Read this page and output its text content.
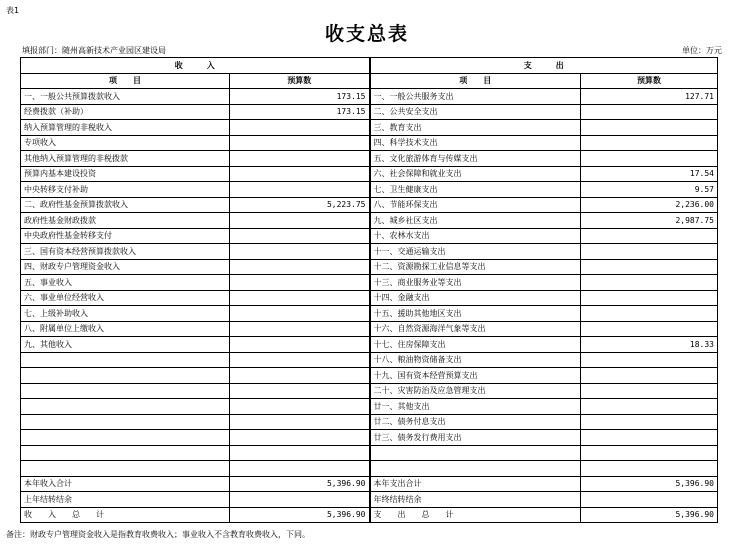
表1
收支总表
填报部门：随州高新技术产业园区建设局	单位：万元
收　　　入		支　　　出	
项　　目	预算数	项　　目	预算数
一、一般公共预算拨款收入	173.15	一、一般公共服务支出	127.71
经费拨款（补助）	173.15	二、公共安全支出	
纳入预算管理的非税收入		三、教育支出	
专项收入		四、科学技术支出	
其他纳入预算管理的非税拨款		五、文化旅游体育与传媒支出	
预算内基本建设投资		六、社会保障和就业支出	17.54
中央转移支付补助		七、卫生健康支出	9.57
二、政府性基金预算拨款收入	5,223.75	八、节能环保支出	2,236.00
政府性基金财政拨款		九、城乡社区支出	2,987.75
中央政府性基金转移支付		十、农林水支出	
三、国有资本经营预算拨款收入		十一、交通运输支出	
四、财政专户管理资金收入		十二、资源勘探工业信息等支出	
五、事业收入		十三、商业服务业等支出	
六、事业单位经营收入		十四、金融支出	
七、上级补助收入		十五、援助其他地区支出	
八、附属单位上缴收入		十六、自然资源海洋气象等支出	
九、其他收入		十七、住房保障支出	18.33
		十八、粮油物资储备支出	
		十九、国有资本经营预算支出	
		二十、灾害防治及应急管理支出	
		廿一、其他支出	
		廿二、债务付息支出	
		廿三、债务发行费用支出	

本年收入合计	5,396.90	本年支出合计	5,396.90
上年结转结余		年终结转结余	
收　　入　　总　　计	5,396.90	支　　出　　总　　计	5,396.90
备注：财政专户管理资金收入是指教育收费收入；事业收入不含教育收费收入，下同。
